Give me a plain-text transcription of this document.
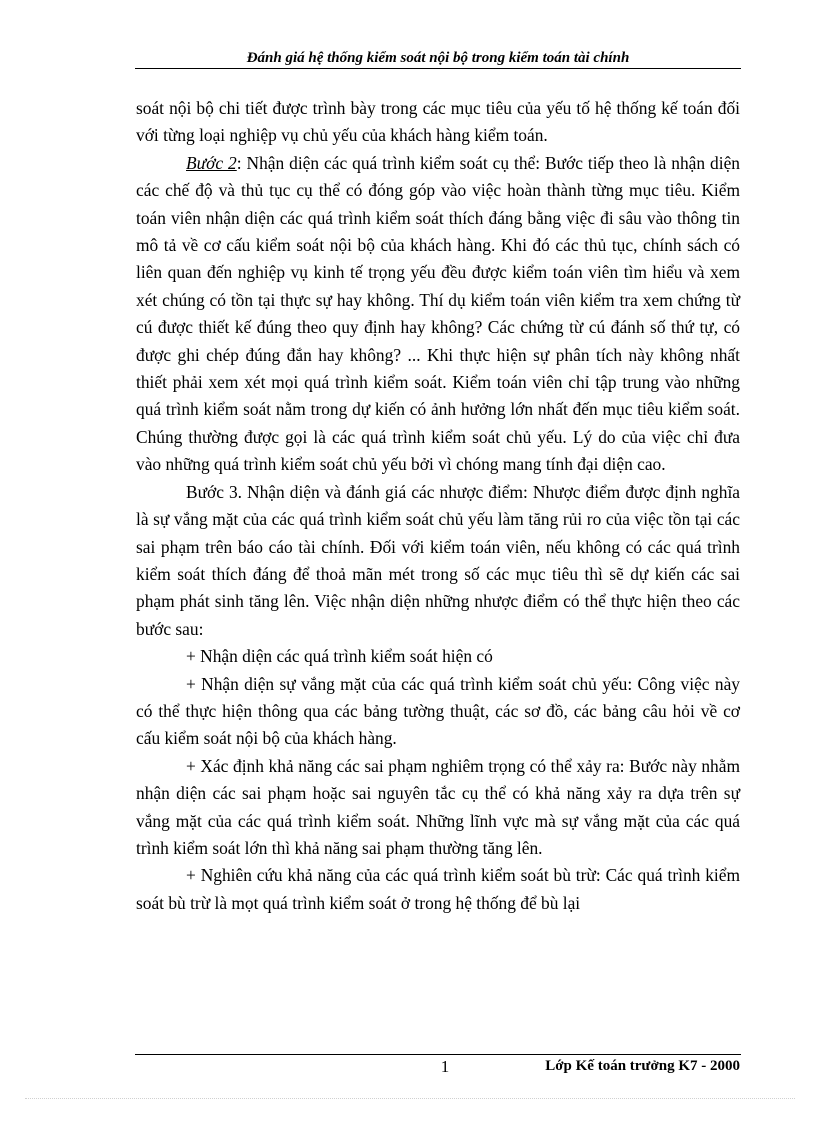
Đánh giá hệ thống kiểm soát nội bộ trong kiểm toán tài chính

soát nội bộ chi tiết được trình bày trong các mục tiêu của yếu tố hệ thống kế toán đối với từng loại nghiệp vụ chủ yếu của khách hàng kiểm toán.

Bước 2: Nhận diện các quá trình kiểm soát cụ thể: Bước tiếp theo là nhận diện các chế độ và thủ tục cụ thể có đóng góp vào việc hoàn thành từng mục tiêu. Kiểm toán viên nhận diện các quá trình kiểm soát thích đáng bằng việc đi sâu vào thông tin mô tả về cơ cấu kiểm soát nội bộ của khách hàng. Khi đó các thủ tục, chính sách có liên quan đến nghiệp vụ kinh tế trọng yếu đều được kiểm toán viên tìm hiểu và xem xét chúng có tồn tại thực sự hay không. Thí dụ kiểm toán viên kiểm tra xem chứng từ cú được thiết kế đúng theo quy định hay không? Các chứng từ cú đánh số thứ tự, có được ghi chép đúng đắn hay không? ... Khi thực hiện sự phân tích này không nhất thiết phải xem xét mọi quá trình kiểm soát. Kiểm toán viên chỉ tập trung vào những quá trình kiểm soát nằm trong dự kiến có ảnh hưởng lớn nhất đến mục tiêu kiểm soát. Chúng thường được gọi là các quá trình kiểm soát chủ yếu. Lý do của việc chỉ đưa vào những quá trình kiểm soát chủ yếu bởi vì chóng mang tính đại diện cao.

Bước 3. Nhận diện và đánh giá các nhược điểm: Nhược điểm được định nghĩa là sự vắng mặt của các quá trình kiểm soát chủ yếu làm tăng rủi ro của việc tồn tại các sai phạm trên báo cáo tài chính. Đối với kiểm toán viên, nếu không có các quá trình kiểm soát thích đáng để thoả mãn mét trong số các mục tiêu thì sẽ dự kiến các sai phạm phát sinh tăng lên. Việc nhận diện những nhược điểm có thể thực hiện theo các bước sau:

+ Nhận diện các quá trình kiểm soát hiện có

+ Nhận diện sự vắng mặt của các quá trình kiểm soát chủ yếu: Công việc này có thể thực hiện thông qua các bảng tường thuật, các sơ đồ, các bảng câu hỏi về cơ cấu kiểm soát nội bộ của khách hàng.

+ Xác định khả năng các sai phạm nghiêm trọng có thể xảy ra: Bước này nhằm nhận diện các sai phạm hoặc sai nguyên tắc cụ thể có khả năng xảy ra dựa trên sự vắng mặt của các quá trình kiểm soát. Những lĩnh vực mà sự vắng mặt của các quá trình kiểm soát lớn thì khả năng sai phạm thường tăng lên.

+ Nghiên cứu khả năng của các quá trình kiểm soát bù trừ: Các quá trình kiểm soát bù trừ là mọt quá trình kiểm soát ở trong hệ thống để bù lại

1	Lớp Kế toán trưởng K7 - 2000
